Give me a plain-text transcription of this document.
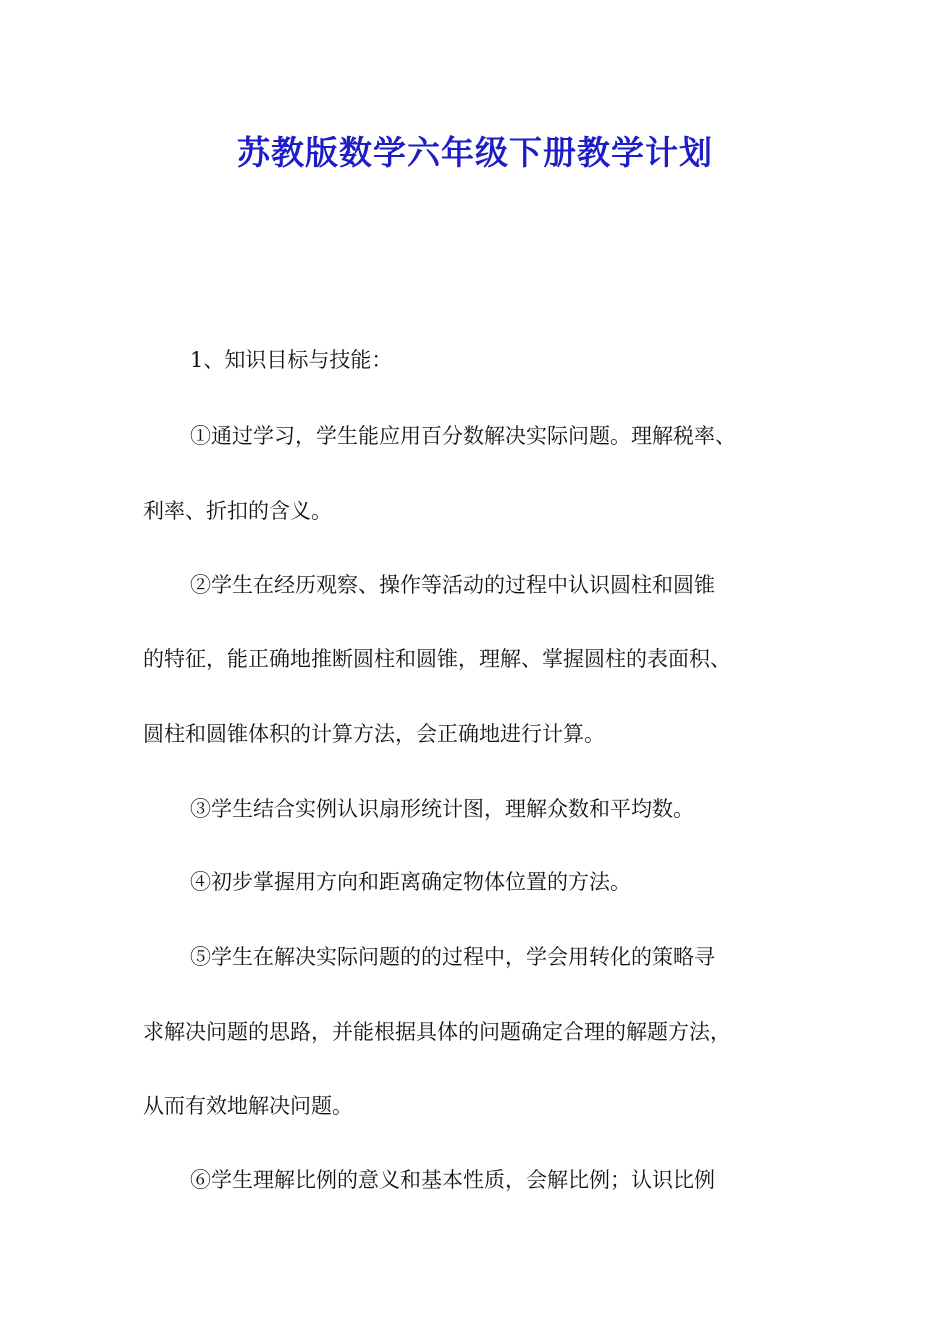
苏教版数学六年级下册教学计划

1、知识目标与技能：

①通过学习，学生能应用百分数解决实际问题。理解税率、

利率、折扣的含义。

②学生在经历观察、操作等活动的过程中认识圆柱和圆锥

的特征，能正确地推断圆柱和圆锥，理解、掌握圆柱的表面积、

圆柱和圆锥体积的计算方法，会正确地进行计算。

③学生结合实例认识扇形统计图，理解众数和平均数。

④初步掌握用方向和距离确定物体位置的方法。

⑤学生在解决实际问题的的过程中，学会用转化的策略寻

求解决问题的思路，并能根据具体的问题确定合理的解题方法，

从而有效地解决问题。

⑥学生理解比例的意义和基本性质，会解比例；认识比例
